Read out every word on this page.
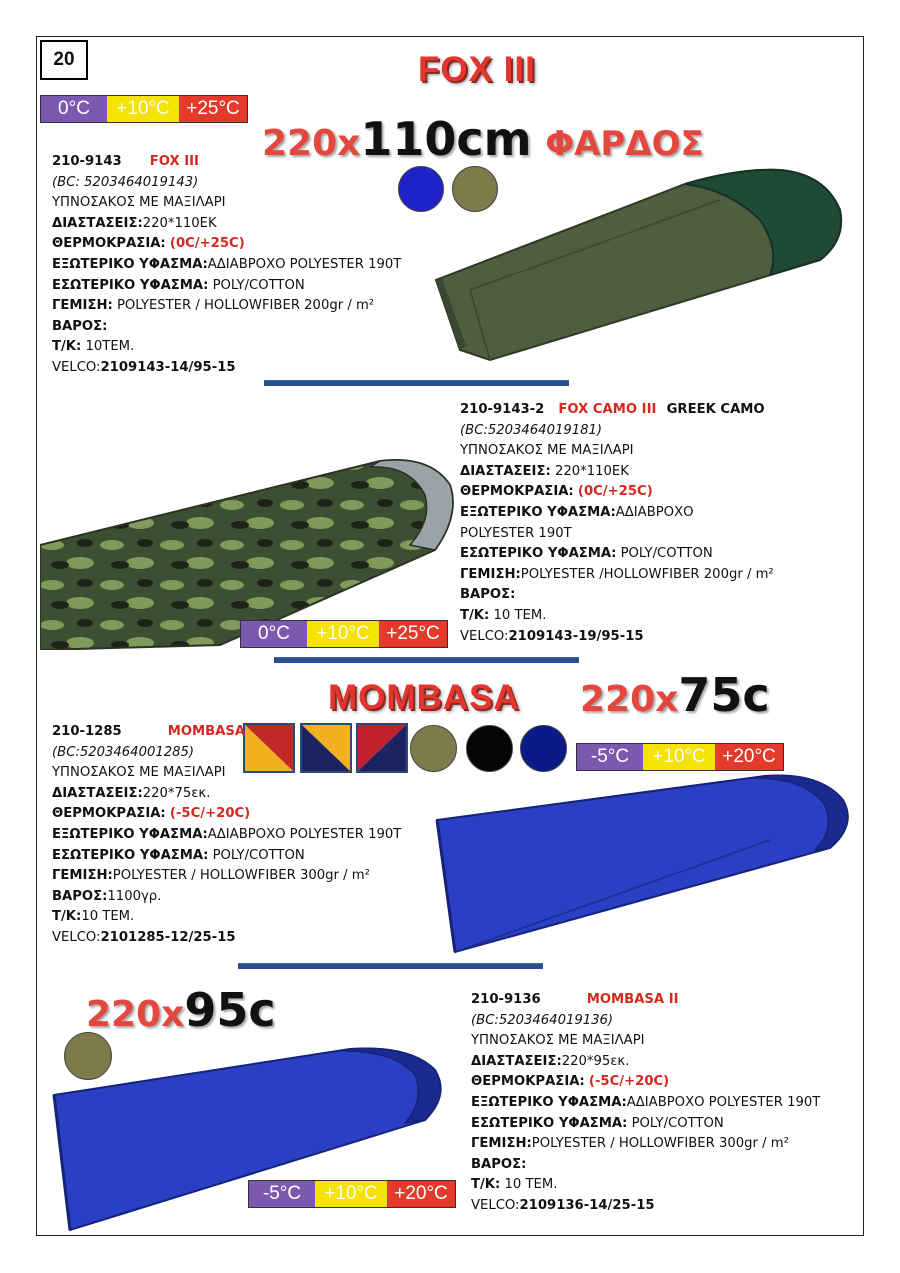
20	FOX III
0°C	+10°C +25°C
220x110cm ΦΑΡΔΟΣ
210-9143 FOX III
(BC: 5203464019143)
ΥΠΝΟΣΑΚΟΣ ΜΕ ΜΑΞΙΛΑΡΙ
ΔΙΑΣΤΑΣΕΙΣ:220*110ΕΚ
ΘΕΡΜΟΚΡΑΣΙΑ: (0C/+25C)
ΕΞΩΤΕΡΙΚΟ ΥΦΑΣΜΑ:ΑΔΙΑΒΡΟΧΟ POLYESTER 190T
ΕΣΩΤΕΡΙΚΟ ΥΦΑΣΜΑ: POLY/COTTON
ΓΕΜΙΣΗ: POLYESTER / HOLLOWFIBER 200gr / m²
ΒΑΡΟΣ:
Τ/Κ: 10ΤΕΜ.
VELCO:2109143-14/95-15
210-9143-2 FOX CAMO III GREEK CAMO
(BC:5203464019181)
ΥΠΝΟΣΑΚΟΣ ΜΕ ΜΑΞΙΛΑΡΙ
ΔΙΑΣΤΑΣΕΙΣ: 220*110ΕΚ
ΘΕΡΜΟΚΡΑΣΙΑ: (0C/+25C)
ΕΞΩΤΕΡΙΚΟ ΥΦΑΣΜΑ:ΑΔΙΑΒΡΟΧΟ
POLYESTER 190T
ΕΣΩΤΕΡΙΚΟ ΥΦΑΣΜΑ: POLY/COTTON
ΓΕΜΙΣΗ:POLYESTER /HOLLOWFIBER 200gr / m²
ΒΑΡΟΣ:
Τ/Κ: 10 ΤΕΜ.
VELCO:2109143-19/95-15
0°C	+10°C +25°C
MOMBASA 220x75c
-5°C	+10°C +20°C
210-1285	MOMBASA
(BC:5203464001285)
ΥΠΝΟΣΑΚΟΣ ΜΕ ΜΑΞΙΛΑΡΙ
ΔΙΑΣΤΑΣΕΙΣ:220*75εκ.
ΘΕΡΜΟΚΡΑΣΙΑ: (-5C/+20C)
ΕΞΩΤΕΡΙΚΟ ΥΦΑΣΜΑ:ΑΔΙΑΒΡΟΧΟ POLYESTER 190T
ΕΣΩΤΕΡΙΚΟ ΥΦΑΣΜΑ: POLY/COTTON
ΓΕΜΙΣΗ:POLYESTER / HOLLOWFIBER 300gr / m²
ΒΑΡΟΣ:1100γρ.
Τ/Κ:10 ΤΕΜ.
VELCO:2101285-12/25-15
220x95c
-5°C	+10°C +20°C
210-9136	MOMBASA II
(BC:5203464019136)
ΥΠΝΟΣΑΚΟΣ ΜΕ ΜΑΞΙΛΑΡΙ
ΔΙΑΣΤΑΣΕΙΣ:220*95εκ.
ΘΕΡΜΟΚΡΑΣΙΑ: (-5C/+20C)
ΕΞΩΤΕΡΙΚΟ ΥΦΑΣΜΑ:ΑΔΙΑΒΡΟΧΟ POLYESTER 190T
ΕΣΩΤΕΡΙΚΟ ΥΦΑΣΜΑ: POLY/COTTON
ΓΕΜΙΣΗ:POLYESTER / HOLLOWFIBER 300gr / m²
ΒΑΡΟΣ:
Τ/Κ: 10 ΤΕΜ.
VELCO:2109136-14/25-15
